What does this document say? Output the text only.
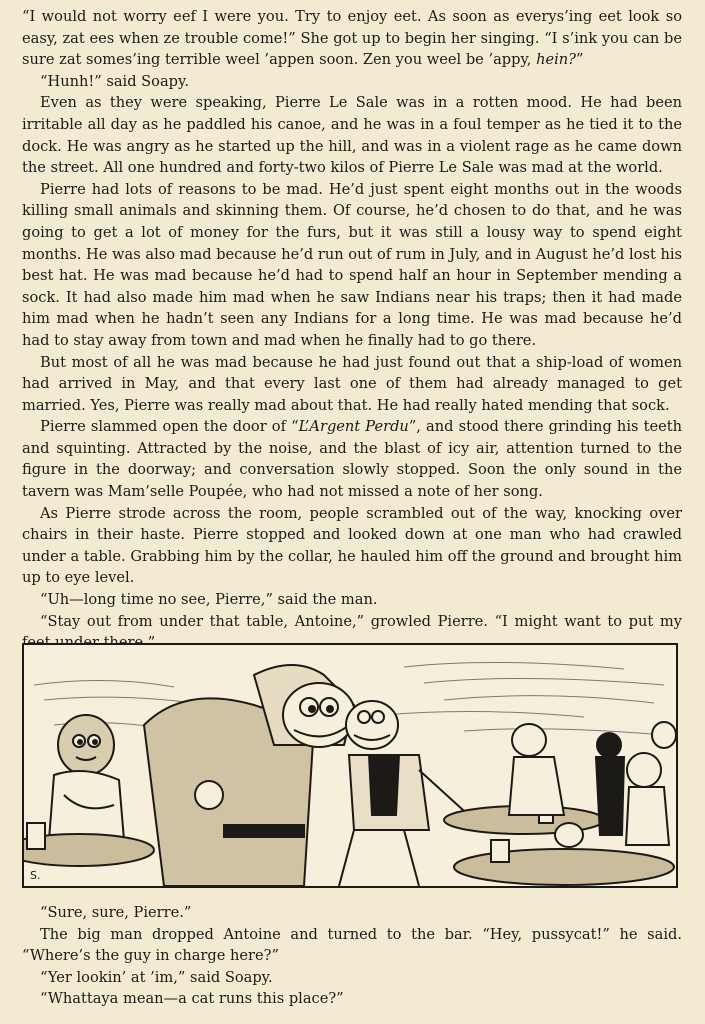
“I would not worry eef I were you. Try to enjoy eet. As soon as everys’ing eet look so easy, zat ees when ze trouble come!” She got up to begin her singing. “I s’ink you can be sure zat somes’ing terrible weel ’appen soon. Zen you weel be ’appy, hein?”

“Hunh!” said Soapy.

Even as they were speaking, Pierre Le Sale was in a rotten mood. He had been irritable all day as he paddled his canoe, and he was in a foul temper as he tied it to the dock. He was angry as he started up the hill, and was in a violent rage as he came down the street. All one hundred and forty-two kilos of Pierre Le Sale was mad at the world.

Pierre had lots of reasons to be mad. He’d just spent eight months out in the woods killing small animals and skinning them. Of course, he’d chosen to do that, and he was going to get a lot of money for the furs, but it was still a lousy way to spend eight months. He was also mad because he’d run out of rum in July, and in August he’d lost his best hat. He was mad because he’d had to spend half an hour in September mending a sock. It had also made him mad when he saw Indians near his traps; then it had made him mad when he hadn’t seen any Indians for a long time. He was mad because he’d had to stay away from town and mad when he finally had to go there.

But most of all he was mad because he had just found out that a ship-load of women had arrived in May, and that every last one of them had already managed to get married. Yes, Pierre was really mad about that. He had really hated mending that sock.

Pierre slammed open the door of “L’Argent Perdu”, and stood there grinding his teeth and squinting. Attracted by the noise, and the blast of icy air, attention turned to the figure in the doorway; and conversation slowly stopped. Soon the only sound in the tavern was Mam’selle Poupée, who had not missed a note of her song.

As Pierre strode across the room, people scrambled out of the way, knocking over chairs in their haste. Pierre stopped and looked down at one man who had crawled under a table. Grabbing him by the collar, he hauled him off the ground and brought him up to eye level.

“Uh—long time no see, Pierre,” said the man.

“Stay out from under that table, Antoine,” growled Pierre. “I might want to put my

S.

“Sure, sure, Pierre.”

The big man dropped Antoine and turned to the bar. “Hey, pussycat!” he said. “Where’s the guy in charge here?”

“Yer lookin’ at ’im,” said Soapy.

“Whattaya mean—a cat runs this place?”
